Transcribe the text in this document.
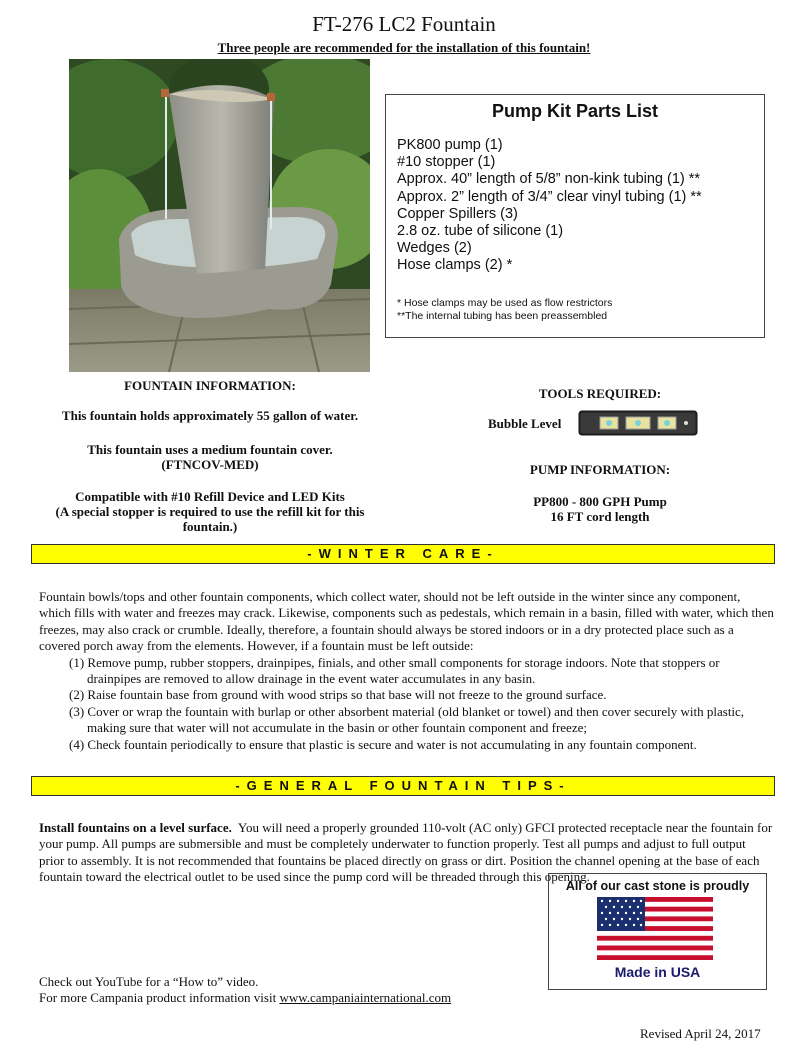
FT-276 LC2 Fountain
Three people are recommended for the installation of this fountain!
Pump Kit Parts List
PK800 pump (1)
#10 stopper (1)
Approx. 40” length of 5/8” non-kink tubing (1) **
Approx. 2” length of 3/4” clear vinyl tubing (1) **
Copper Spillers (3)
2.8 oz. tube of silicone (1)
Wedges (2)
Hose clamps (2) *
* Hose clamps may be used as flow restrictors
**The internal tubing has been preassembled
FOUNTAIN INFORMATION:
This fountain holds approximately 55 gallon of water.
This fountain uses a medium fountain cover.
(FTNCOV-MED)
Compatible with #10 Refill Device and LED Kits
(A special stopper is required to use the refill kit for this fountain.)
TOOLS REQUIRED:
Bubble Level
PUMP INFORMATION:
PP800 - 800 GPH Pump
16 FT cord length
-WINTER CARE-

Fountain bowls/tops and other fountain components, which collect water, should not be left outside in the winter since any component, which fills with water and freezes may crack. Likewise, components such as pedestals, which remain in a basin, filled with water, which then freezes, may also crack or crumble. Ideally, therefore, a fountain should always be stored indoors or in a dry protected place such as a covered porch away from the elements. However, if a fountain must be left outside:

(1) Remove pump, rubber stoppers, drainpipes, finials, and other small components for storage indoors. Note that stoppers or drainpipes are removed to allow drainage in the event water accumulates in any basin.
(2) Raise fountain base from ground with wood strips so that base will not freeze to the ground surface.
(3) Cover or wrap the fountain with burlap or other absorbent material (old blanket or towel) and then cover securely with plastic, making sure that water will not accumulate in the basin or other fountain component and freeze;
(4) Check fountain periodically to ensure that plastic is secure and water is not accumulating in any fountain component.
-GENERAL FOUNTAIN TIPS-

Install fountains on a level surface. You will need a properly grounded 110-volt (AC only) GFCI protected receptacle near the fountain for your pump. All pumps are submersible and must be completely underwater to function properly. Test all pumps and adjust to full output prior to assembly. It is not recommended that fountains be placed directly on grass or dirt. Position the channel opening at the base of each fountain toward the electrical outlet to be used since the pump cord will be threaded through this opening.

All of our cast stone is proudly
Made in USA
Check out YouTube for a “How to” video.
For more Campania product information visit www.campaniainternational.com
Revised April 24, 2017
